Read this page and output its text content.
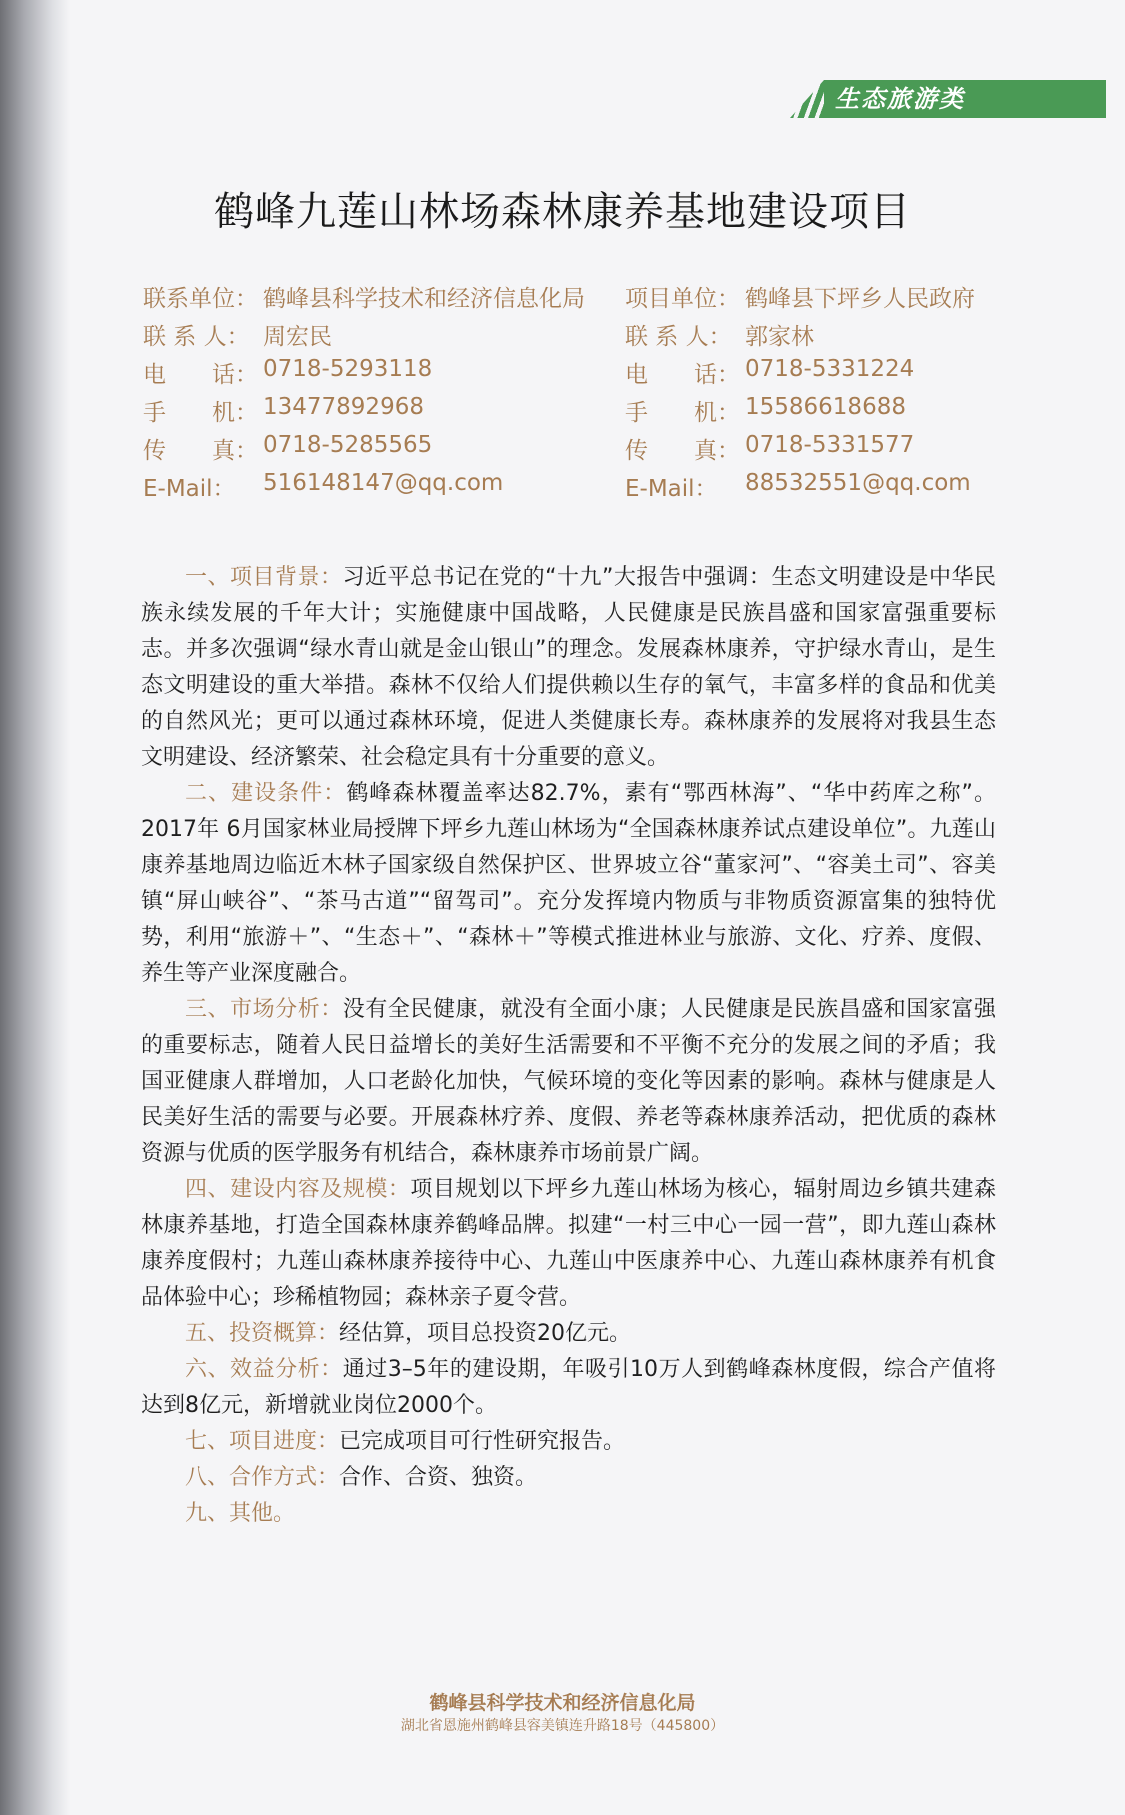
生态旅游类
鹤峰九莲山林场森林康养基地建设项目
联系单位： 鹤峰县科学技术和经济信息化局 项目单位： 鹤峰县下坪乡人民政府
联 系 人： 周宏民	联 系 人： 郭家林
电　　话： 0718-5293118	电　　话： 0718-5331224
手　　机： 13477892968	手　　机： 15586618688
传　　真： 0718-5285565	传　　真： 0718-5331577
E-Mail：	516148147@qq.com	E-Mail：	88532551@qq.com

一、项目背景：习近平总书记在党的“十九”大报告中强调：生态文明建设是中华民族永续发展的千年大计；实施健康中国战略，人民健康是民族昌盛和国家富强重要标志。并多次强调“绿水青山就是金山银山”的理念。发展森林康养，守护绿水青山，是生态文明建设的重大举措。森林不仅给人们提供赖以生存的氧气，丰富多样的食品和优美的自然风光；更可以通过森林环境，促进人类健康长寿。森林康养的发展将对我县生态文明建设、经济繁荣、社会稳定具有十分重要的意义。

二、建设条件：鹤峰森林覆盖率达82.7%，素有“鄂西林海”、“华中药库之称”。2017年 6月国家林业局授牌下坪乡九莲山林场为“全国森林康养试点建设单位”。九莲山康养基地周边临近木林子国家级自然保护区、世界坡立谷“董家河”、“容美土司”、容美镇“屏山峡谷”、“茶马古道”“留驾司”。充分发挥境内物质与非物质资源富集的独特优势，利用“旅游＋”、“生态＋”、“森林＋”等模式推进林业与旅游、文化、疗养、度假、养生等产业深度融合。

三、市场分析：没有全民健康，就没有全面小康；人民健康是民族昌盛和国家富强的重要标志，随着人民日益增长的美好生活需要和不平衡不充分的发展之间的矛盾；我国亚健康人群增加，人口老龄化加快，气候环境的变化等因素的影响。森林与健康是人民美好生活的需要与必要。开展森林疗养、度假、养老等森林康养活动，把优质的森林资源与优质的医学服务有机结合，森林康养市场前景广阔。

四、建设内容及规模：项目规划以下坪乡九莲山林场为核心，辐射周边乡镇共建森林康养基地，打造全国森林康养鹤峰品牌。拟建“一村三中心一园一营”，即九莲山森林康养度假村；九莲山森林康养接待中心、九莲山中医康养中心、九莲山森林康养有机食品体验中心；珍稀植物园；森林亲子夏令营。

五、投资概算：经估算，项目总投资20亿元。

六、效益分析：通过3–5年的建设期，年吸引10万人到鹤峰森林度假，综合产值将达到8亿元，新增就业岗位2000个。

七、项目进度：已完成项目可行性研究报告。

八、合作方式：合作、合资、独资。

九、其他。

鹤峰县科学技术和经济信息化局
湖北省恩施州鹤峰县容美镇连升路18号（445800）
